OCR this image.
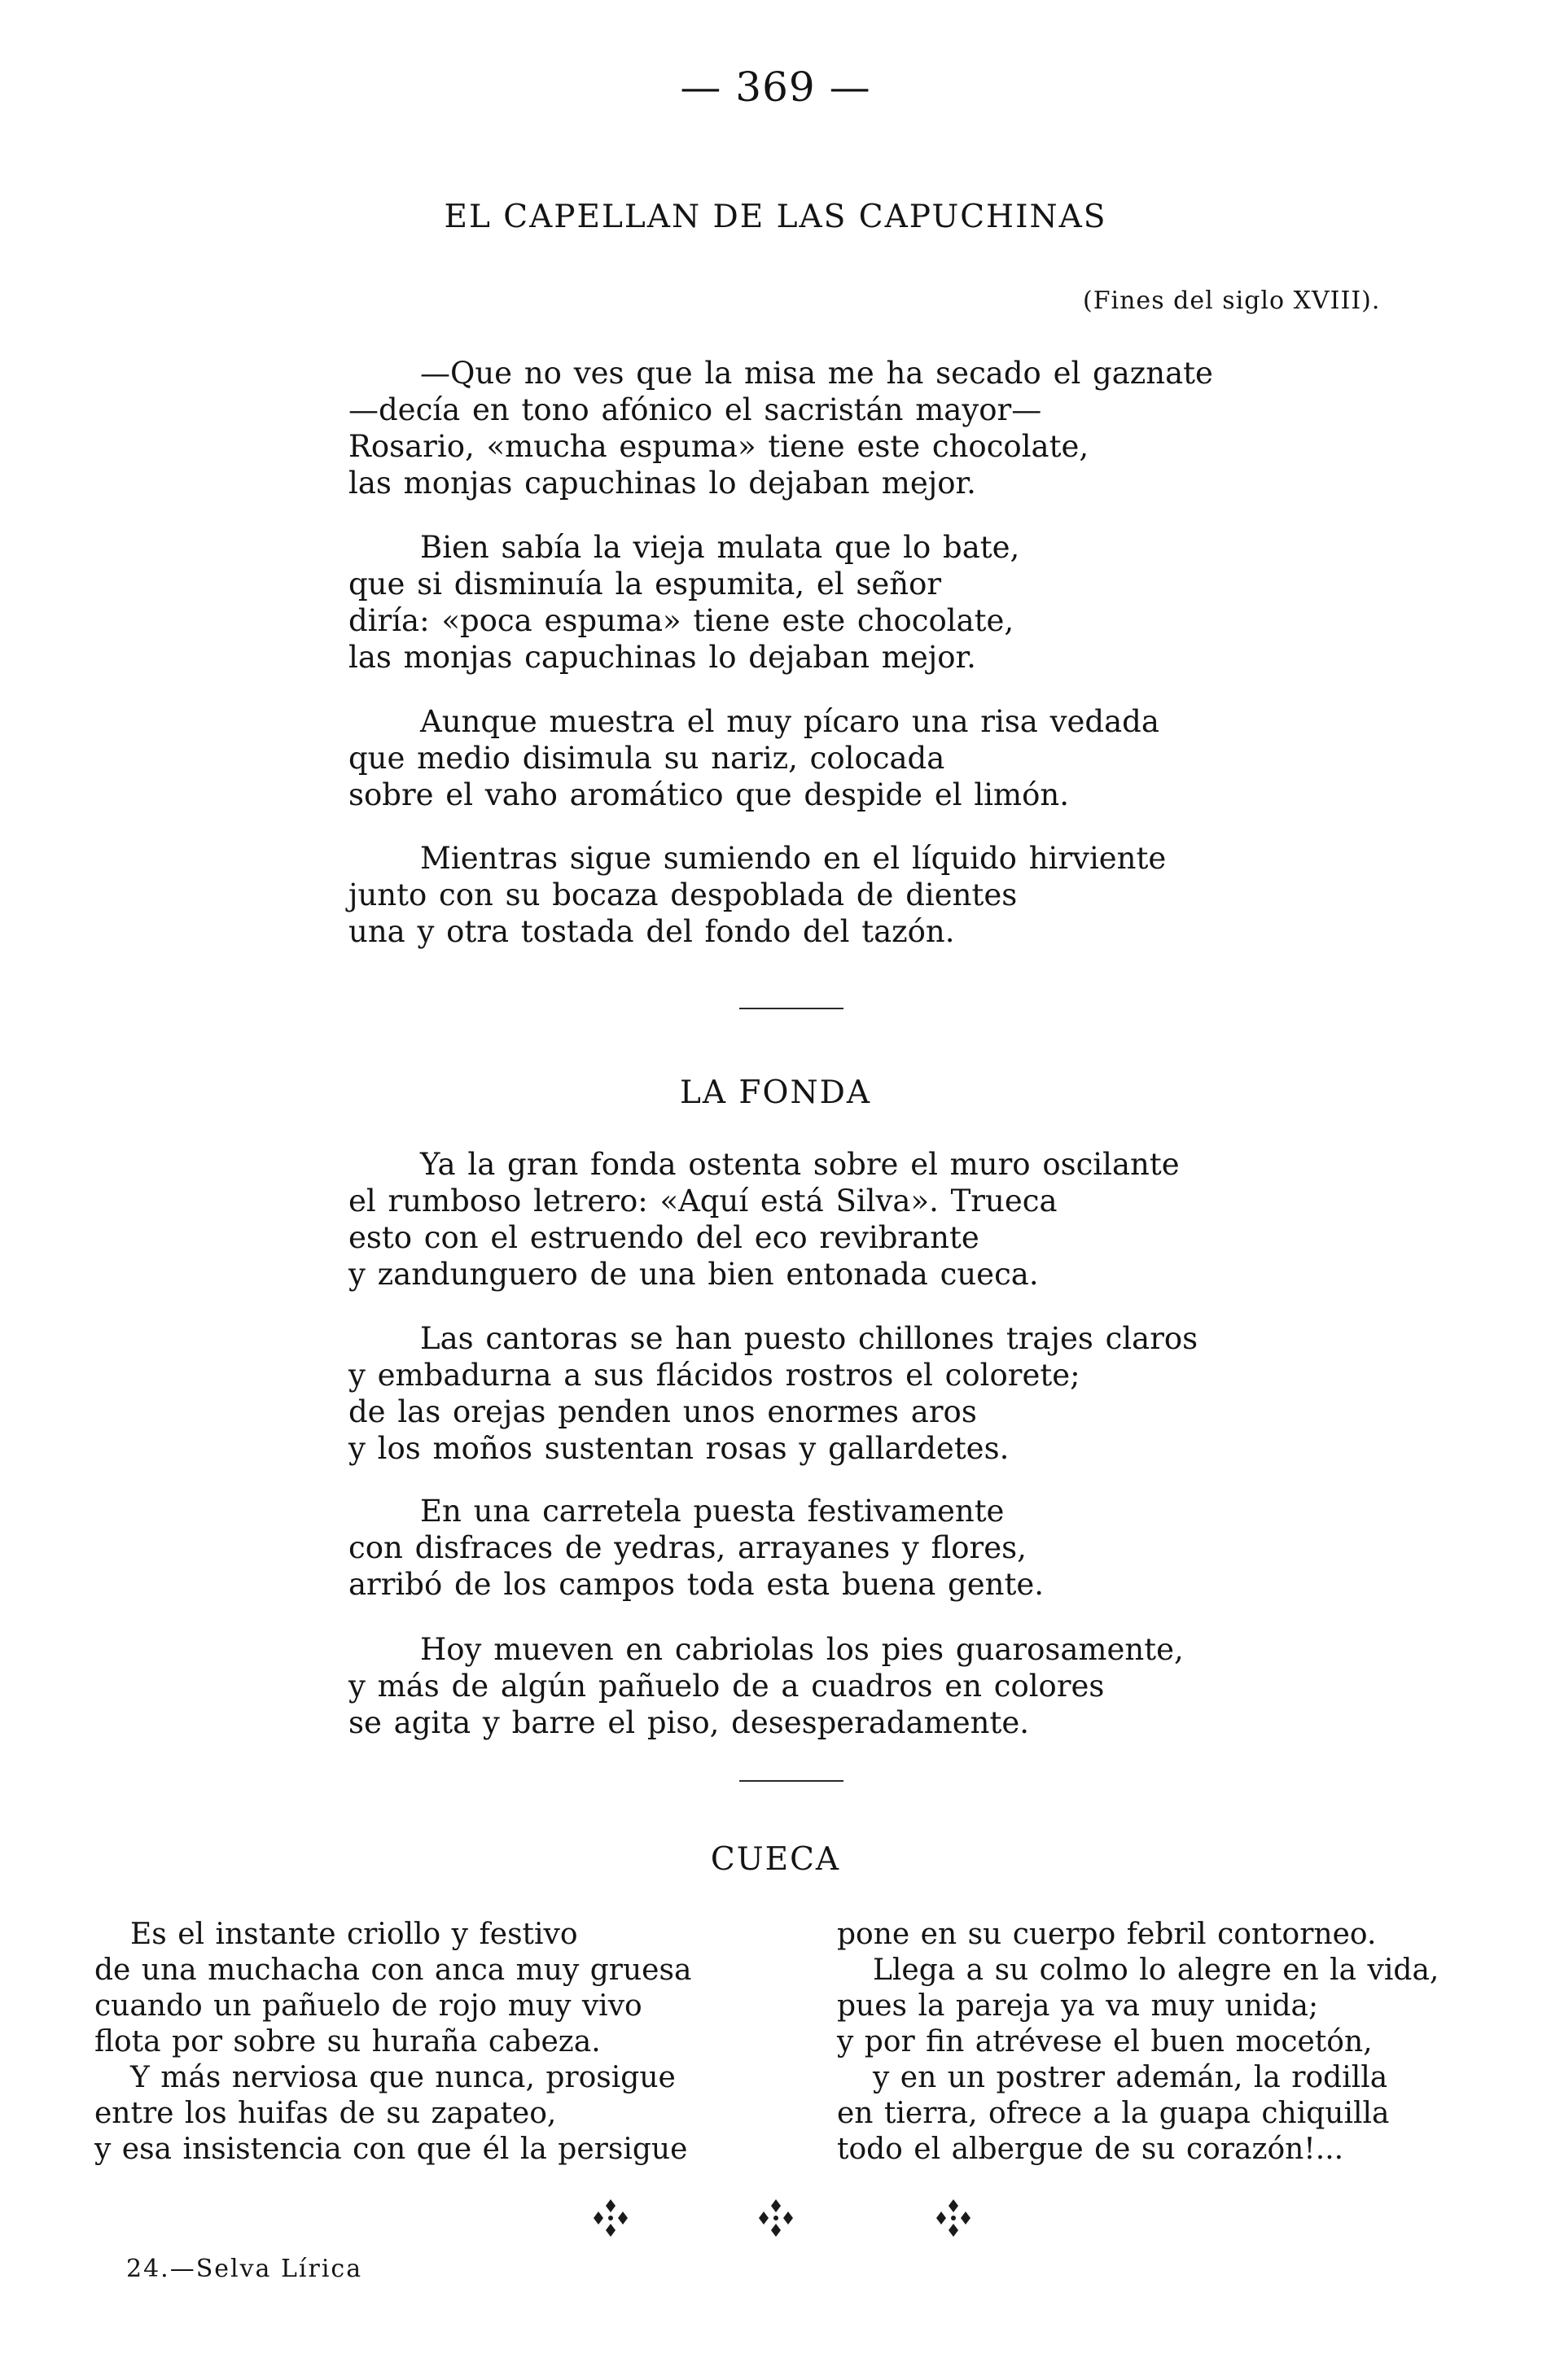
— 369 —
EL CAPELLAN DE LAS CAPUCHINAS
(Fines del siglo XVIII).
—Que no ves que la misa me ha secado el gaznate
—decía en tono afónico el sacristán mayor—
Rosario, «mucha espuma» tiene este chocolate,
las monjas capuchinas lo dejaban mejor.
Bien sabía la vieja mulata que lo bate,
que si disminuía la espumita, el señor
diría: «poca espuma» tiene este chocolate,
las monjas capuchinas lo dejaban mejor.
Aunque muestra el muy pícaro una risa vedada
que medio disimula su nariz, colocada
sobre el vaho aromático que despide el limón.
Mientras sigue sumiendo en el líquido hirviente
junto con su bocaza despoblada de dientes
una y otra tostada del fondo del tazón.
LA FONDA
Ya la gran fonda ostenta sobre el muro oscilante
el rumboso letrero: «Aquí está Silva». Trueca
esto con el estruendo del eco revibrante
y zandunguero de una bien entonada cueca.
Las cantoras se han puesto chillones trajes claros
y embadurna a sus flácidos rostros el colorete;
de las orejas penden unos enormes aros
y los moños sustentan rosas y gallardetes.
En una carretela puesta festivamente
con disfraces de yedras, arrayanes y flores,
arribó de los campos toda esta buena gente.
Hoy mueven en cabriolas los pies guarosamente,
y más de algún pañuelo de a cuadros en colores
se agita y barre el piso, desesperadamente.
CUECA
Es el instante criollo y festivo
de una muchacha con anca muy gruesa
cuando un pañuelo de rojo muy vivo
flota por sobre su huraña cabeza.
Y más nerviosa que nunca, prosigue
entre los huifas de su zapateo,
y esa insistencia con que él la persigue
pone en su cuerpo febril contorneo.
Llega a su colmo lo alegre en la vida,
pues la pareja ya va muy unida;
y por fin atrévese el buen mocetón,
y en un postrer ademán, la rodilla
en tierra, ofrece a la guapa chiquilla
todo el albergue de su corazón!...
24.—Selva Lírica
